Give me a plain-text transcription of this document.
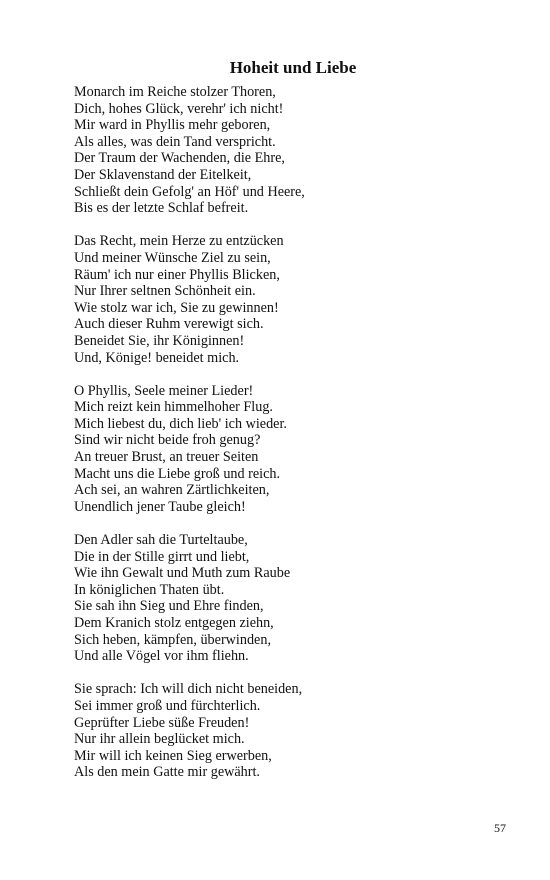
Hoheit und Liebe
Monarch im Reiche stolzer Thoren,
Dich, hohes Glück, verehr' ich nicht!
Mir ward in Phyllis mehr geboren,
Als alles, was dein Tand verspricht.
Der Traum der Wachenden, die Ehre,
Der Sklavenstand der Eitelkeit,
Schließt dein Gefolg' an Höf' und Heere,
Bis es der letzte Schlaf befreit.
Das Recht, mein Herze zu entzücken
Und meiner Wünsche Ziel zu sein,
Räum' ich nur einer Phyllis Blicken,
Nur Ihrer seltnen Schönheit ein.
Wie stolz war ich, Sie zu gewinnen!
Auch dieser Ruhm verewigt sich.
Beneidet Sie, ihr Königinnen!
Und, Könige! beneidet mich.
O Phyllis, Seele meiner Lieder!
Mich reizt kein himmelhoher Flug.
Mich liebest du, dich lieb' ich wieder.
Sind wir nicht beide froh genug?
An treuer Brust, an treuer Seiten
Macht uns die Liebe groß und reich.
Ach sei, an wahren Zärtlichkeiten,
Unendlich jener Taube gleich!
Den Adler sah die Turteltaube,
Die in der Stille girrt und liebt,
Wie ihn Gewalt und Muth zum Raube
In königlichen Thaten übt.
Sie sah ihn Sieg und Ehre finden,
Dem Kranich stolz entgegen ziehn,
Sich heben, kämpfen, überwinden,
Und alle Vögel vor ihm fliehn.
Sie sprach: Ich will dich nicht beneiden,
Sei immer groß und fürchterlich.
Geprüfter Liebe süße Freuden!
Nur ihr allein beglücket mich.
Mir will ich keinen Sieg erwerben,
Als den mein Gatte mir gewährt.
57
